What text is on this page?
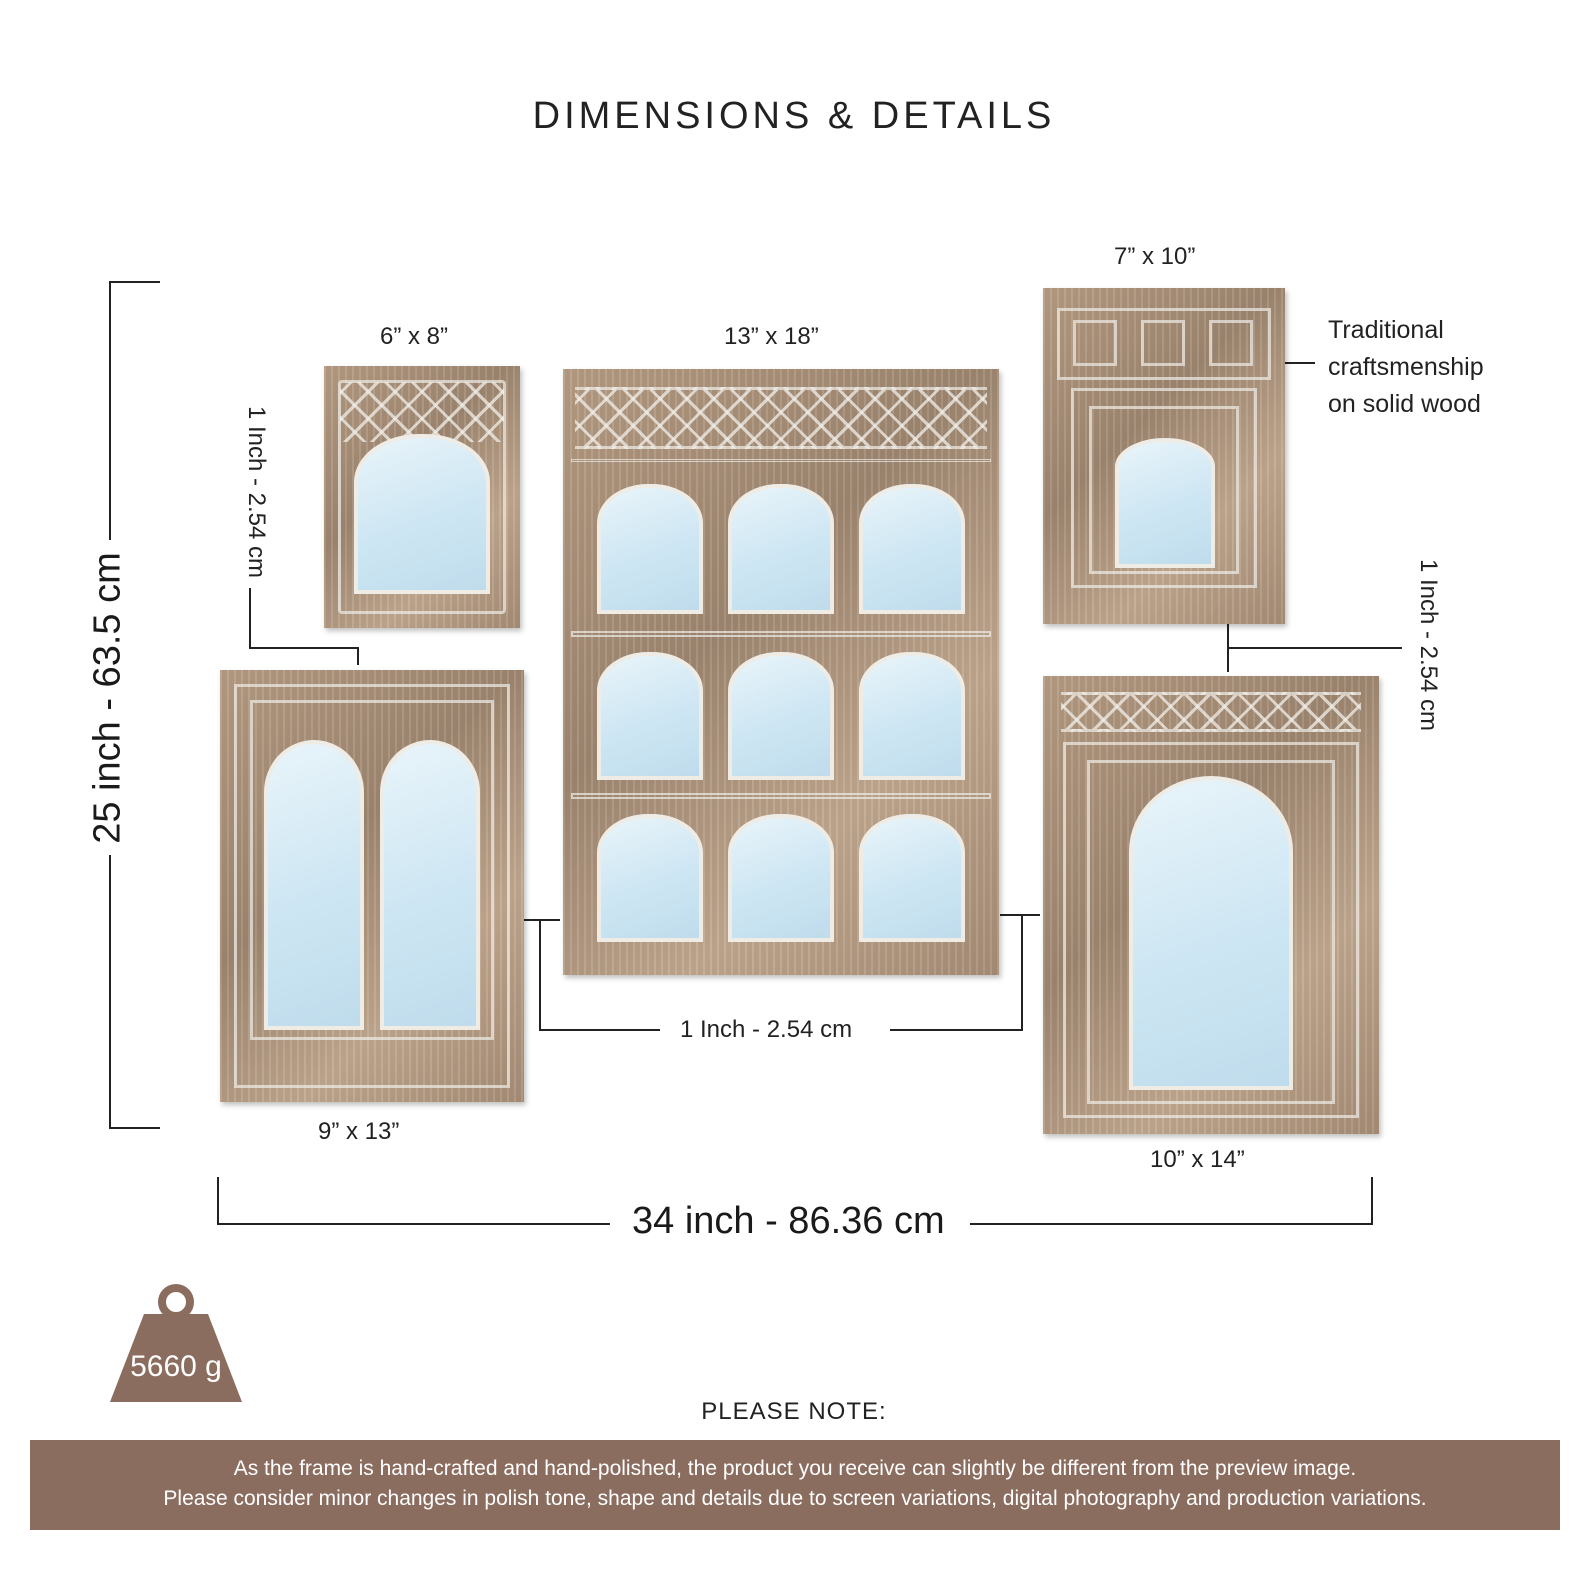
DIMENSIONS & DETAILS
6” x 8”	13” x 18”
7” x 10”
9” x 13”
10” x 14”
1 Inch - 2.54 cm
1 Inch - 2.54 cm
1 Inch - 2.54 cm
25 inch - 63.5 cm
34 inch - 86.36 cm
Traditional
craftsmenship
on solid wood
5660 g
PLEASE NOTE:
As the frame is hand-crafted and hand-polished, the product you receive can slightly be different from the preview image.
Please consider minor changes in polish tone, shape and details due to screen variations, digital photography and production variations.
